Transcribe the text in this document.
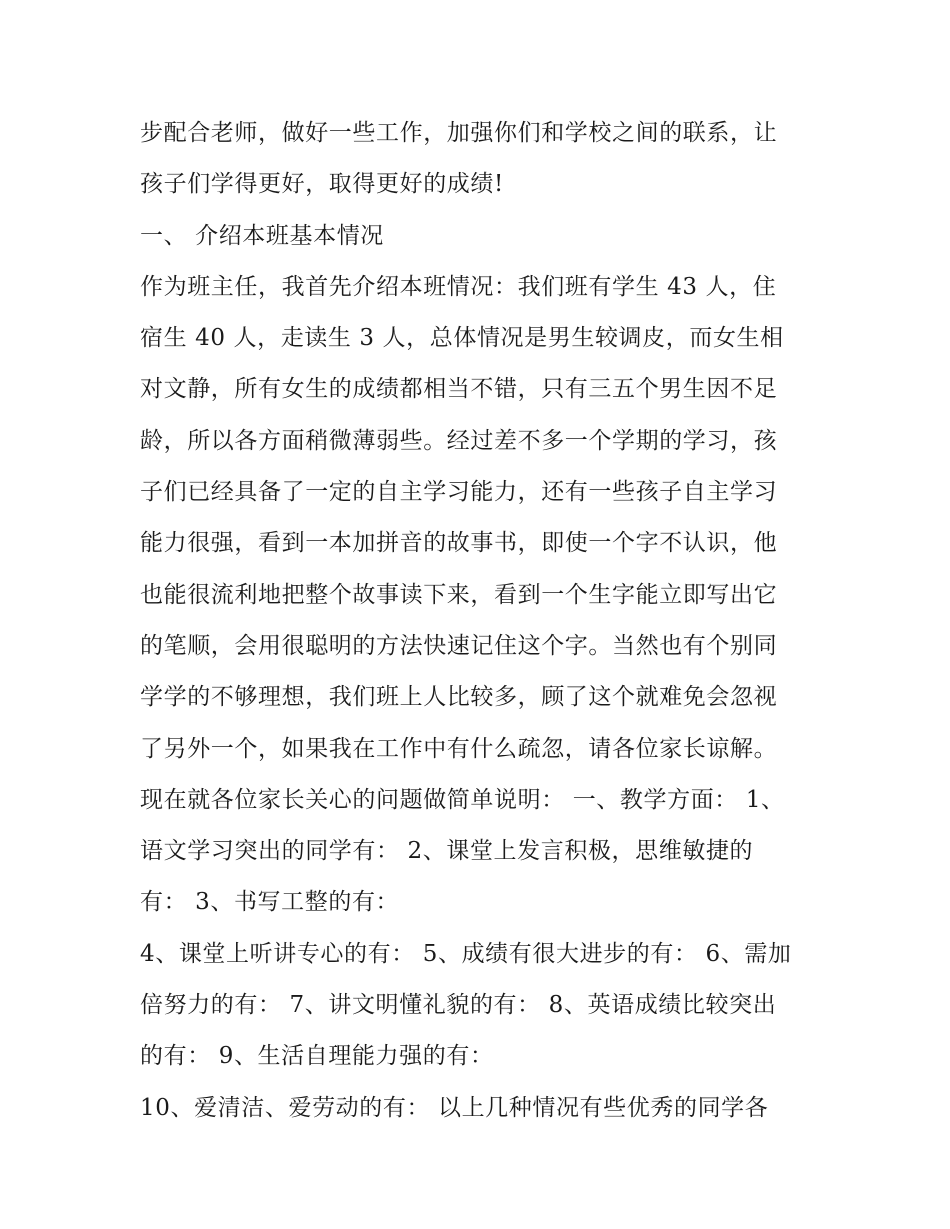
步配合老师，做好一些工作，加强你们和学校之间的联系，让
孩子们学得更好，取得更好的成绩!
一、 介绍本班基本情况
作为班主任，我首先介绍本班情况：我们班有学生 43 人，住
宿生 40 人，走读生 3 人，总体情况是男生较调皮，而女生相
对文静，所有女生的成绩都相当不错，只有三五个男生因不足
龄，所以各方面稍微薄弱些。经过差不多一个学期的学习，孩
子们已经具备了一定的自主学习能力，还有一些孩子自主学习
能力很强，看到一本加拼音的故事书，即使一个字不认识，他
也能很流利地把整个故事读下来，看到一个生字能立即写出它
的笔顺，会用很聪明的方法快速记住这个字。当然也有个别同
学学的不够理想，我们班上人比较多，顾了这个就难免会忽视
了另外一个，如果我在工作中有什么疏忽，请各位家长谅解。
现在就各位家长关心的问题做简单说明： 一、教学方面： 1、
语文学习突出的同学有： 2、课堂上发言积极，思维敏捷的
有： 3、书写工整的有：
4、课堂上听讲专心的有： 5、成绩有很大进步的有： 6、需加
倍努力的有： 7、讲文明懂礼貌的有： 8、英语成绩比较突出
的有： 9、生活自理能力强的有：
10、爱清洁、爱劳动的有： 以上几种情况有些优秀的同学各
